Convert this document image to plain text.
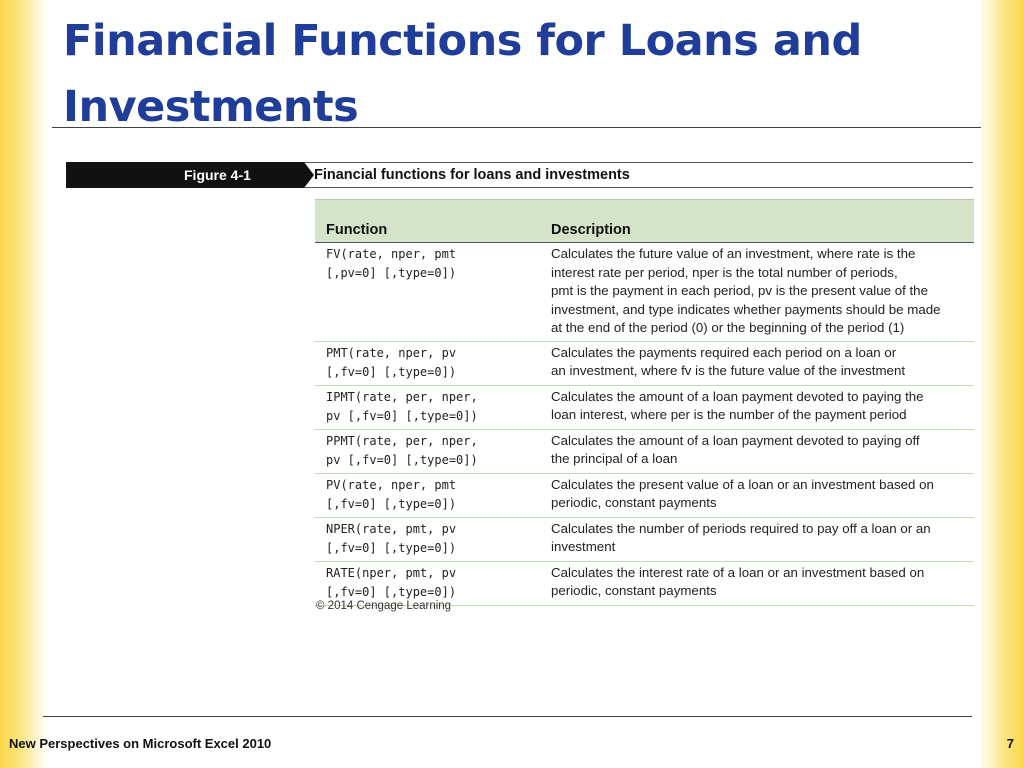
Financial Functions for Loans and
Investments
Figure 4-1	Financial functions for loans and investments
Function	Description

FV(rate, nper, pmt
[,pv=0] [,type=0])	Calculates the future value of an investment, where rate is the
interest rate per period, nper is the total number of periods,
pmt is the payment in each period, pv is the present value of the
investment, and type indicates whether payments should be made
at the end of the period (0) or the beginning of the period (1)

PMT(rate, nper, pv
[,fv=0] [,type=0])	Calculates the payments required each period on a loan or
an investment, where fv is the future value of the investment

IPMT(rate, per, nper,
pv [,fv=0] [,type=0])	Calculates the amount of a loan payment devoted to paying the
loan interest, where per is the number of the payment period

PPMT(rate, per, nper,
pv [,fv=0] [,type=0])	Calculates the amount of a loan payment devoted to paying off
the principal of a loan

PV(rate, nper, pmt
[,fv=0] [,type=0])	Calculates the present value of a loan or an investment based on
periodic, constant payments

NPER(rate, pmt, pv
[,fv=0] [,type=0])	Calculates the number of periods required to pay off a loan or an
investment

RATE(nper, pmt, pv
[,fv=0] [,type=0])	Calculates the interest rate of a loan or an investment based on
periodic, constant payments
© 2014 Cengage Learning
New Perspectives on Microsoft Excel 2010	7
